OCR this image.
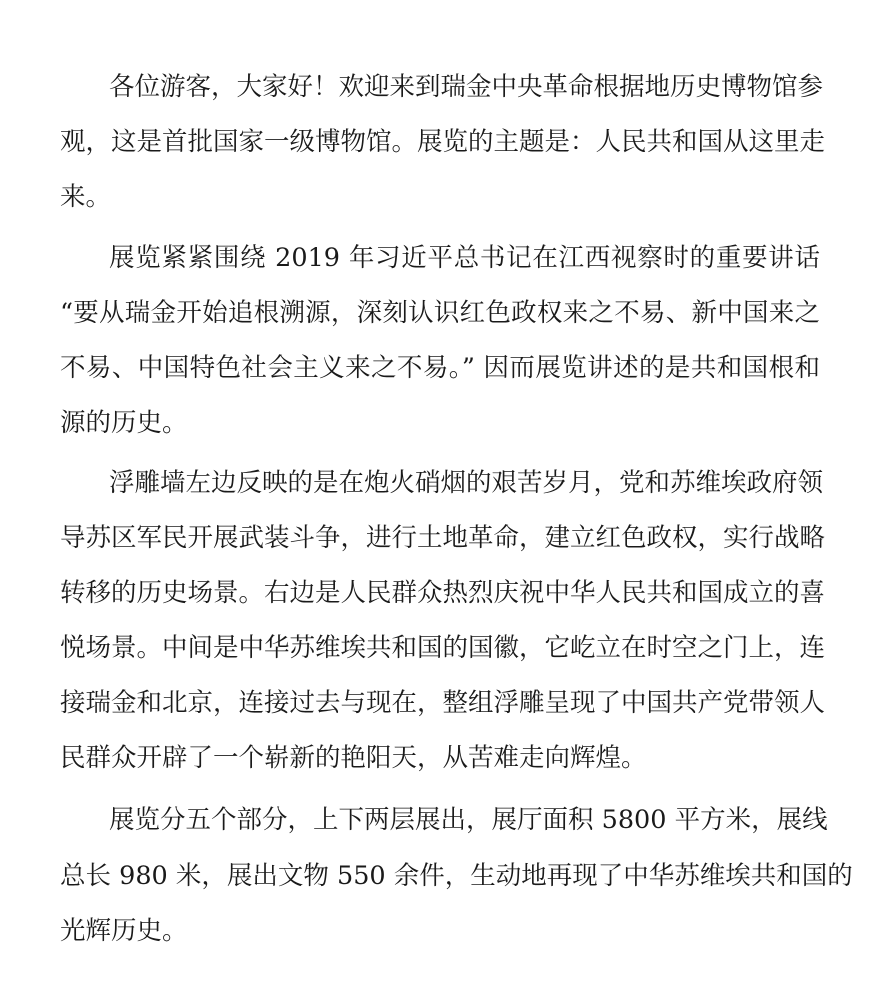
各位游客，大家好！欢迎来到瑞金中央革命根据地历史博物馆参
观，这是首批国家一级博物馆。展览的主题是：人民共和国从这里走
来。
展览紧紧围绕 2019 年习近平总书记在江西视察时的重要讲话
“要从瑞金开始追根溯源，深刻认识红色政权来之不易、新中国来之
不易、中国特色社会主义来之不易。” 因而展览讲述的是共和国根和
源的历史。
浮雕墙左边反映的是在炮火硝烟的艰苦岁月，党和苏维埃政府领
导苏区军民开展武装斗争，进行土地革命，建立红色政权，实行战略
转移的历史场景。右边是人民群众热烈庆祝中华人民共和国成立的喜
悦场景。中间是中华苏维埃共和国的国徽，它屹立在时空之门上，连
接瑞金和北京，连接过去与现在，整组浮雕呈现了中国共产党带领人
民群众开辟了一个崭新的艳阳天，从苦难走向辉煌。
展览分五个部分，上下两层展出，展厅面积 5800 平方米，展线
总长 980 米，展出文物 550 余件，生动地再现了中华苏维埃共和国的
光辉历史。
